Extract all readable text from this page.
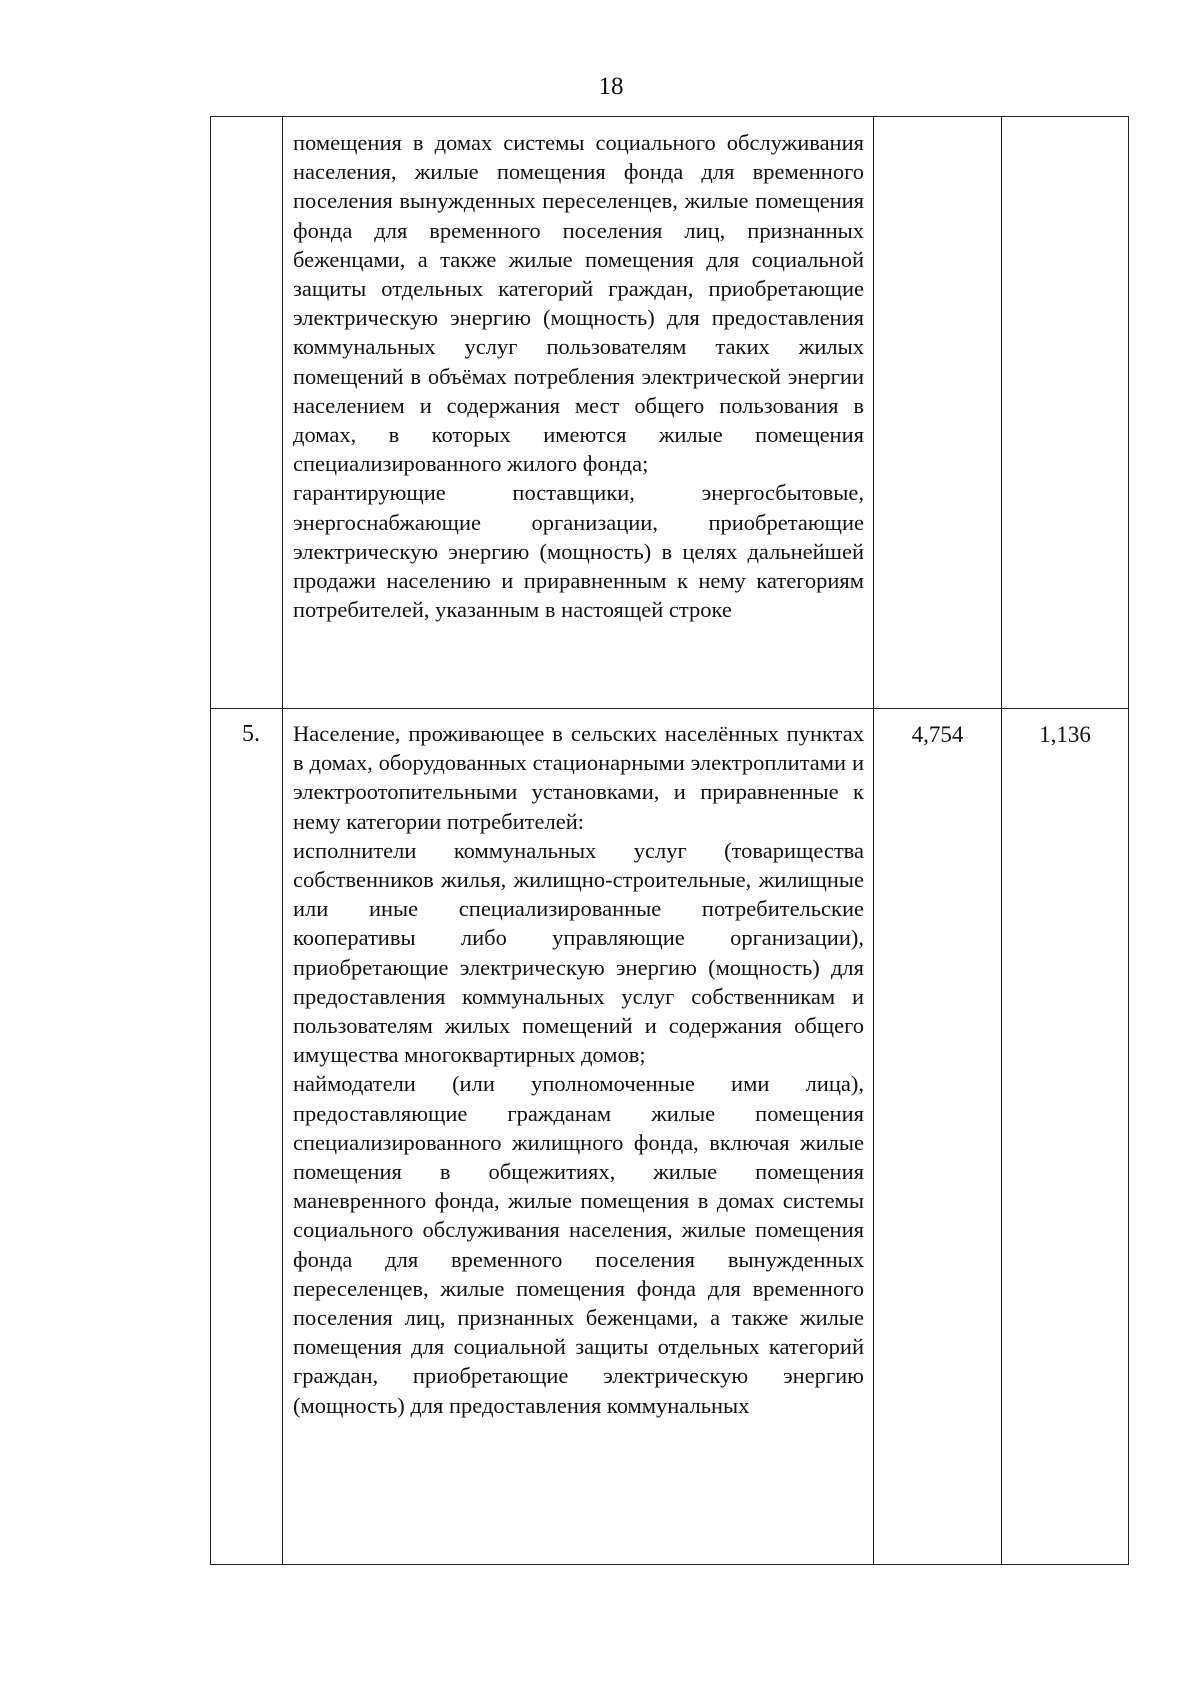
18

	помещения в домах системы социального обслуживания населения, жилые помещения фонда для временного поселения вынужденных переселенцев, жилые помещения фонда для временного поселения лиц, признанных беженцами, а также жилые помещения для социальной защиты отдельных категорий граждан, приобретающие электрическую энергию (мощность) для предоставления коммунальных услуг пользователям таких жилых помещений в объёмах потребления электрической энергии населением и содержания мест общего пользования в домах, в которых имеются жилые помещения специализированного жилого фонда;

гарантирующие поставщики, энергосбытовые, энергоснабжающие организации, приобретающие электрическую энергию (мощность) в целях дальнейшей продажи населению и приравненным к нему категориям потребителей, указанным в настоящей строке		

5.	Население, проживающее в сельских населённых пунктах в домах, оборудованных стационарными электроплитами и электроотопительными установками, и приравненные к нему категории потребителей:

исполнители коммунальных услуг (товарищества собственников жилья, жилищно-строительные, жилищные или иные специализированные потребительские кооперативы либо управляющие организации), приобретающие электрическую энергию (мощность) для предоставления коммунальных услуг собственникам и пользователям жилых помещений и содержания общего имущества многоквартирных домов;

наймодатели (или уполномоченные ими лица), предоставляющие гражданам жилые помещения специализированного жилищного фонда, включая жилые помещения в общежитиях, жилые помещения маневренного фонда, жилые помещения в домах системы социального обслуживания населения, жилые помещения фонда для временного поселения вынужденных переселенцев, жилые помещения фонда для временного поселения лиц, признанных беженцами, а также жилые помещения для социальной защиты отдельных категорий граждан, приобретающие электрическую энергию (мощность) для предоставления коммунальных	4,754	1,136
